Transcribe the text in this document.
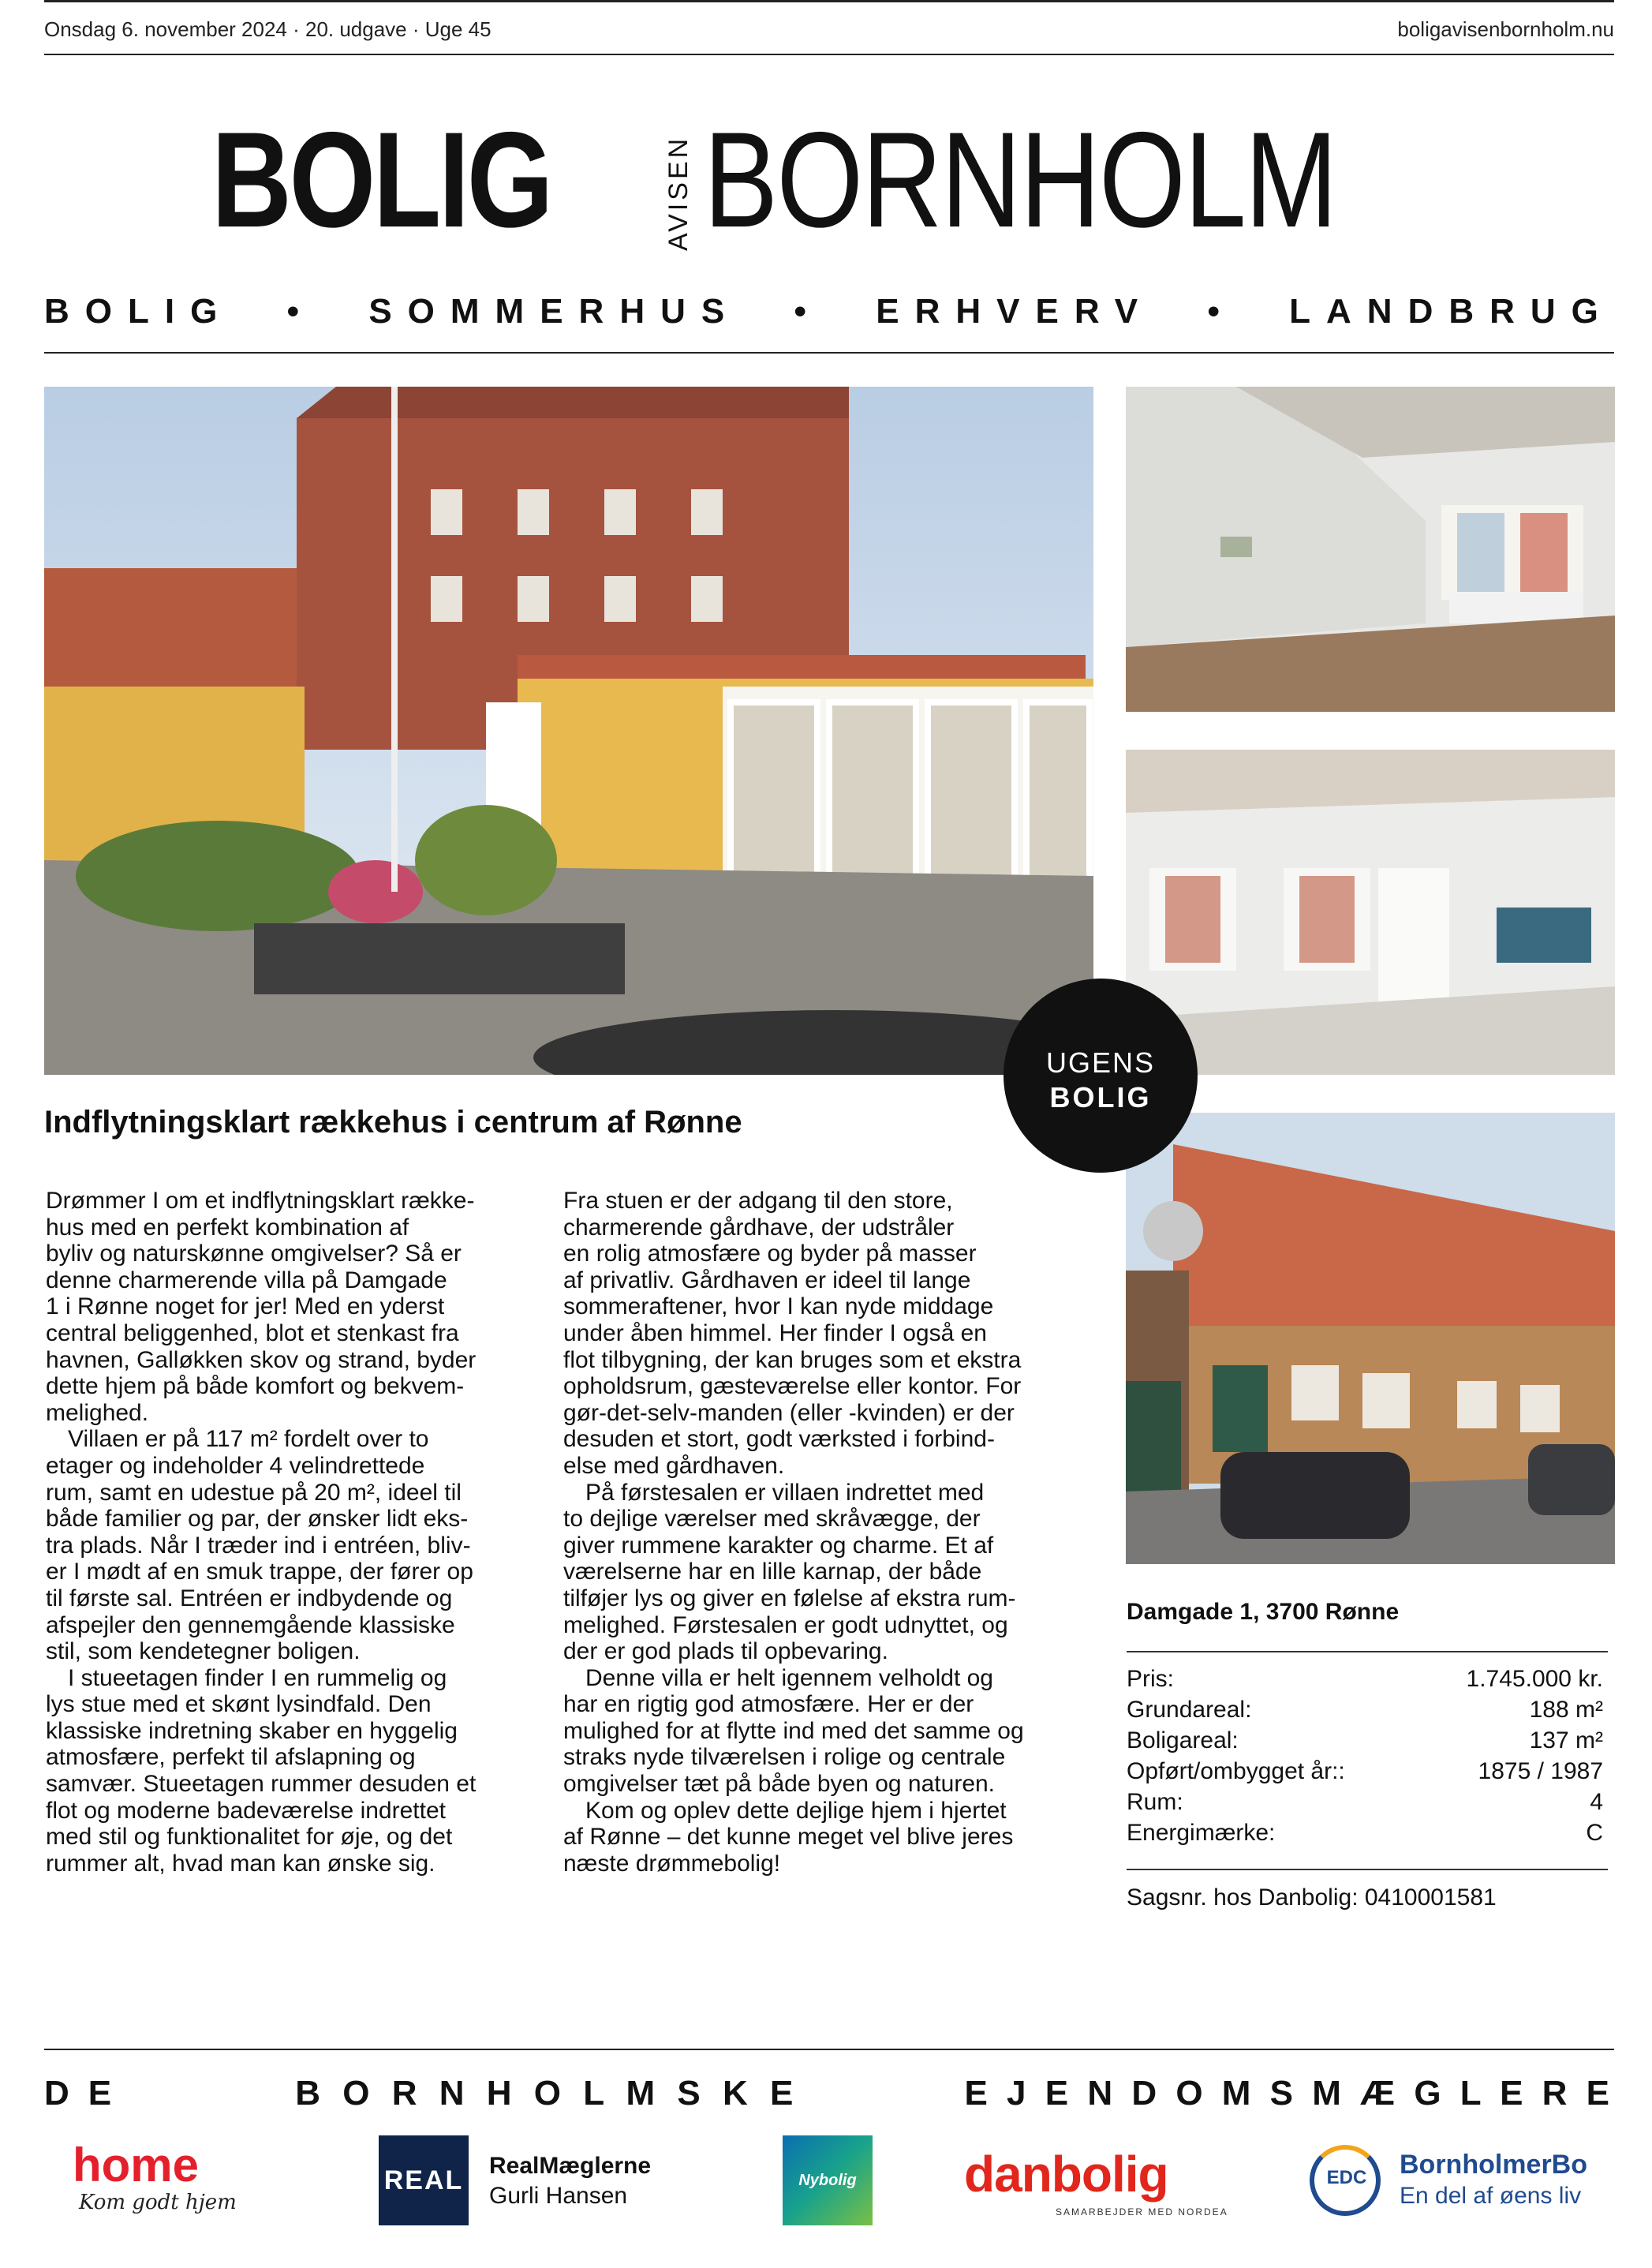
Onsdag 6. november 2024 · 20. udgave · Uge 45	boligavisenbornholm.nu
BOLIG	AVISEN BORNHOLM
BOLIG • SOMMERHUS • ERHVERV • LANDBRUG
UGENS
BOLIG
Indflytningsklart rækkehus i centrum af Rønne

Drømmer I om et indflytningsklart række-

hus med en perfekt kombination af

byliv og naturskønne omgivelser? Så er

denne charmerende villa på Damgade

1 i Rønne noget for jer! Med en yderst

central beliggenhed, blot et stenkast fra

havnen, Galløkken skov og strand, byder

dette hjem på både komfort og bekvem-

melighed.

Villaen er på 117 m² fordelt over to

etager og indeholder 4 velindrettede

rum, samt en udestue på 20 m², ideel til

både familier og par, der ønsker lidt eks-

tra plads. Når I træder ind i entréen, bliv-

er I mødt af en smuk trappe, der fører op

til første sal. Entréen er indbydende og

afspejler den gennemgående klassiske

stil, som kendetegner boligen.

I stueetagen finder I en rummelig og

lys stue med et skønt lysindfald. Den

klassiske indretning skaber en hyggelig

atmosfære, perfekt til afslapning og

samvær. Stueetagen rummer desuden et

flot og moderne badeværelse indrettet

med stil og funktionalitet for øje, og det

rummer alt, hvad man kan ønske sig.

Fra stuen er der adgang til den store,

charmerende gårdhave, der udstråler

en rolig atmosfære og byder på masser

af privatliv. Gårdhaven er ideel til lange

sommeraftener, hvor I kan nyde middage

under åben himmel. Her finder I også en

flot tilbygning, der kan bruges som et ekstra

opholdsrum, gæsteværelse eller kontor. For

gør-det-selv-manden (eller -kvinden) er der

desuden et stort, godt værksted i forbind-

else med gårdhaven.

På førstesalen er villaen indrettet med

to dejlige værelser med skråvægge, der

giver rummene karakter og charme. Et af

værelserne har en lille karnap, der både

tilføjer lys og giver en følelse af ekstra rum-

melighed. Førstesalen er godt udnyttet, og

der er god plads til opbevaring.

Denne villa er helt igennem velholdt og

har en rigtig god atmosfære. Her er der

mulighed for at flytte ind med det samme og

straks nyde tilværelsen i rolige og centrale

omgivelser tæt på både byen og naturen.

Kom og oplev dette dejlige hjem i hjertet

af Rønne – det kunne meget vel blive jeres

næste drømmebolig!

Damgade 1, 3700 Rønne
Pris:	1.745.000 kr.
Grundareal:	188 m²
Boligareal:	137 m²
Opført/ombygget år::	1875 / 1987
Rum:	4
Energimærke:	C
Sagsnr. hos Danbolig: 0410001581
DE	B O R N H O L M S K E	E J E N D O M S M Æ G L E R E
home
Kom godt hjem
REAL RealMæglerne
Gurli Hansen
Nybolig	danbolig
SAMARBEJDER MED NORDEA
EDC BornholmerBo
En del af øens liv
